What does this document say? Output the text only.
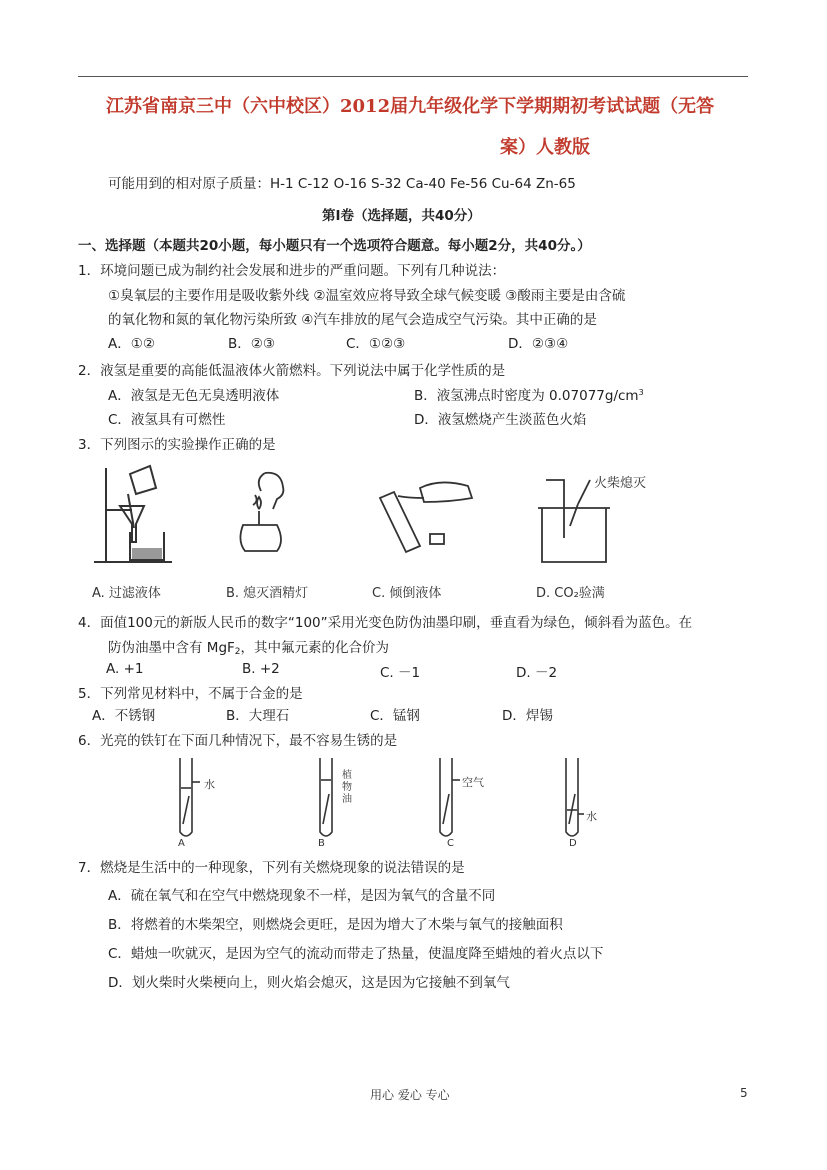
江苏省南京三中（六中校区）2012届九年级化学下学期期初考试试题（无答
案）人教版
可能用到的相对原子质量：H-1 C-12 O-16 S-32 Ca-40 Fe-56 Cu-64 Zn-65
第Ⅰ卷（选择题，共40分）
一、选择题（本题共20小题，每小题只有一个选项符合题意。每小题2分，共40分。）
1．环境问题已成为制约社会发展和进步的严重问题。下列有几种说法：
①臭氧层的主要作用是吸收紫外线 ②温室效应将导致全球气候变暖 ③酸雨主要是由含硫
的氧化物和氮的氧化物污染所致 ④汽车排放的尾气会造成空气污染。其中正确的是
A．①②	B．②③	C．①②③	D．②③④
2．液氢是重要的高能低温液体火箭燃料。下列说法中属于化学性质的是
A．液氢是无色无臭透明液体	B．液氢沸点时密度为 $0.07077g/cm^3$
C．液氢具有可燃性	D．液氢燃烧产生淡蓝色火焰
3．下列图示的实验操作正确的是
火柴熄灭
A. 过滤液体	B. 熄灭酒精灯	C. 倾倒液体	D. CO₂验满
4．面值100元的新版人民币的数字“100”采用光变色防伪油墨印刷，垂直看为绿色，倾斜看为蓝色。在
防伪油墨中含有 MgF$_2$，其中氟元素的化合价为
A. +1	B. +2	C. －1	D. －2
5．下列常见材料中，不属于合金的是
A．不锈钢	B．大理石	C．锰钢	D．焊锡
6．光亮的铁钉在下面几种情况下，最不容易生锈的是
水
植物油
空气
水
A	B	C	D
7．燃烧是生活中的一种现象，下列有关燃烧现象的说法错误的是
A．硫在氧气和在空气中燃烧现象不一样，是因为氧气的含量不同
B．将燃着的木柴架空，则燃烧会更旺，是因为增大了木柴与氧气的接触面积
C．蜡烛一吹就灭，是因为空气的流动而带走了热量，使温度降至蜡烛的着火点以下
D．划火柴时火柴梗向上，则火焰会熄灭，这是因为它接触不到氧气
用心 爱心 专心	5
